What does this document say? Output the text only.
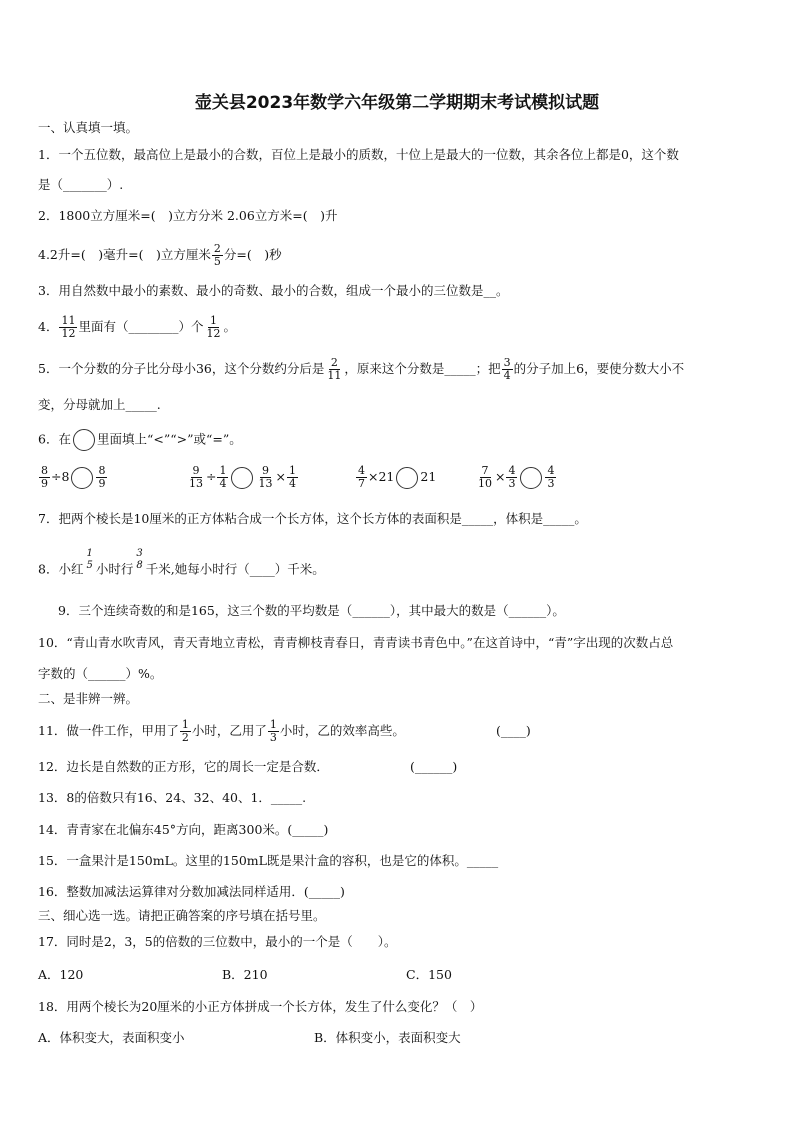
壶关县2023年数学六年级第二学期期末考试模拟试题
一、认真填一填。
1．一个五位数，最高位上是最小的合数，百位上是最小的质数，十位上是最大的一位数，其余各位上都是0，这个数
是（_______）.
2．1800立方厘米=(　)立方分米 2.06立方米=(　)升
4.2升=(　)毫升=(　)立方厘米 $\frac{2}{5}$ 分=(　)秒
3．用自然数中最小的素数、最小的奇数、最小的合数，组成一个最小的三位数是__。
4． $\frac{11}{12}$ 里面有（________）个 $\frac{1}{12}$ 。
5．一个分数的分子比分母小36，这个分数约分后是 $\frac{2}{11}$ ，原来这个分数是_____；把 $\frac{3}{4}$ 的分子加上6，要使分数大小不
变，分母就加上_____.
6．在 里面填上“<”“>”或“=”。
$\frac{8}{9} \div 8 \frac{8}{9}$	$\frac{9}{13} \div \frac{1}{4}$	$\frac{9}{13} \times \frac{1}{4}$	$\frac{4}{7} \times 21$ 21	$\frac{7}{10} \times \frac{4}{3}$	$\frac{4}{3}$
7．把两个棱长是10厘米的正方体粘合成一个长方体，这个长方体的表面积是_____，体积是_____。
8．小红
1
5 小时行
3
8 千米,她每小时行（____）千米。
9．三个连续奇数的和是165，这三个数的平均数是（______），其中最大的数是（______）。
10．“青山青水吹青风，青天青地立青松，青青柳枝青春日，青青读书青色中。”在这首诗中，“青”字出现的次数占总
字数的（______）%。
二、是非辨一辨。
11．做一件工作，甲用了 $\frac{1}{2}$ 小时，乙用了 $\frac{1}{3}$ 小时，乙的效率高些。	(____)
12．边长是自然数的正方形，它的周长一定是合数．	(______)
13．8的倍数只有16、24、32、40、1．_____.
14．青青家在北偏东45°方向，距离300米。(_____)
15．一盒果汁是150mL。这里的150mL既是果汁盒的容积，也是它的体积。_____
16．整数加减法运算律对分数加减法同样适用．(_____)
三、细心选一选。请把正确答案的序号填在括号里。
17．同时是2，3，5的倍数的三位数中，最小的一个是（　　）。
A．120	B．210	C．150
18．用两个棱长为20厘米的小正方体拼成一个长方体，发生了什么变化？（　）
A．体积变大，表面积变小	B．体积变小，表面积变大
